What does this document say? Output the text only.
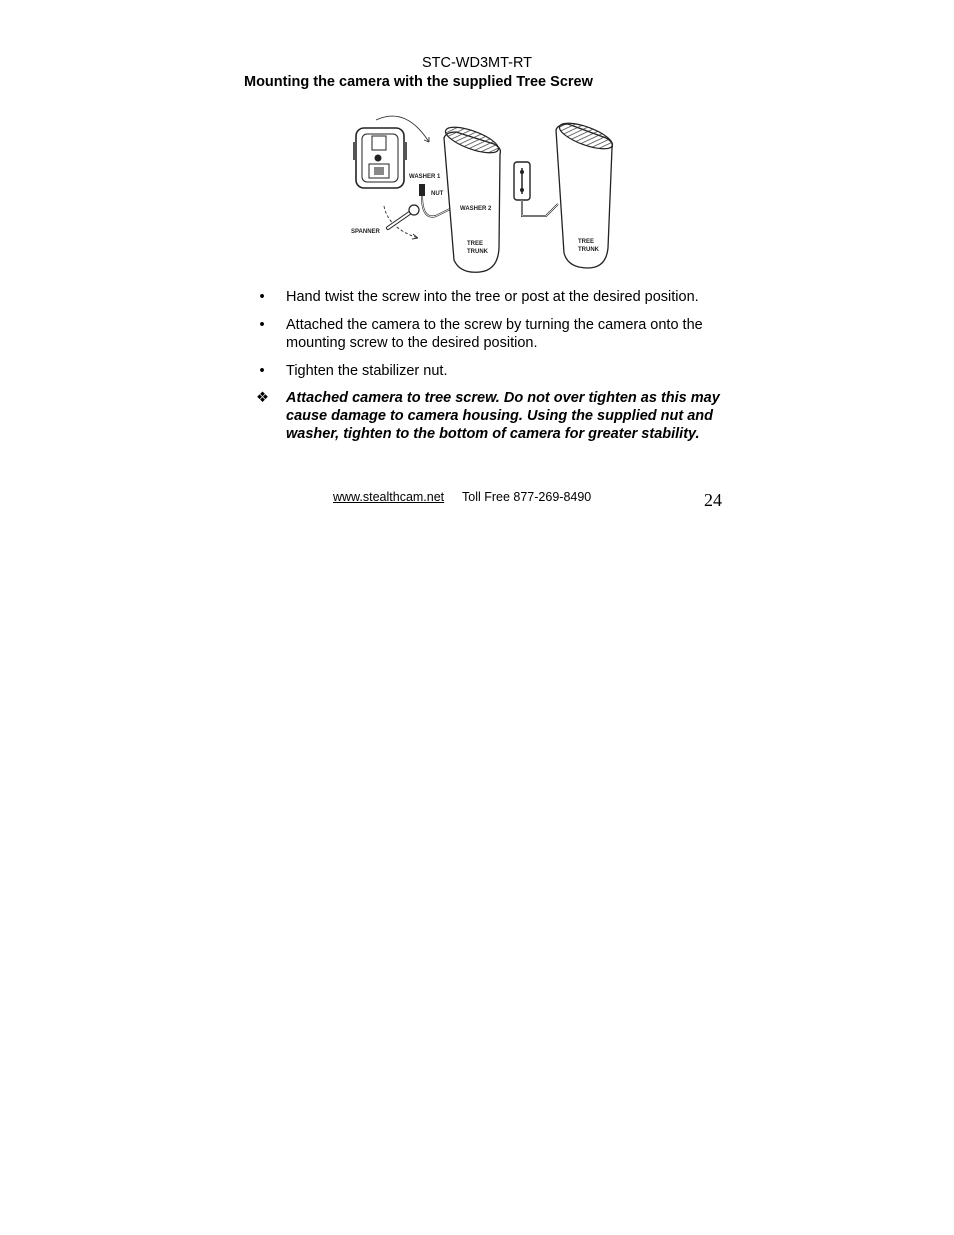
STC-WD3MT-RT
Mounting the camera with the supplied Tree Screw
WASHER 1
NUT
WASHER 2
SPANNER
TREE
TRUNK
TREE
TRUNK
• Hand twist the screw into the tree or post at the desired position.
• Attached the camera to the screw by turning the camera onto the mounting screw to the desired position.
• Tighten the stabilizer nut.
❖ Attached camera to tree screw. Do not over tighten as this may cause damage to camera housing. Using the supplied nut and washer, tighten to the bottom of camera for greater stability.
www.stealthcam.net Toll Free 877-269-8490	24
